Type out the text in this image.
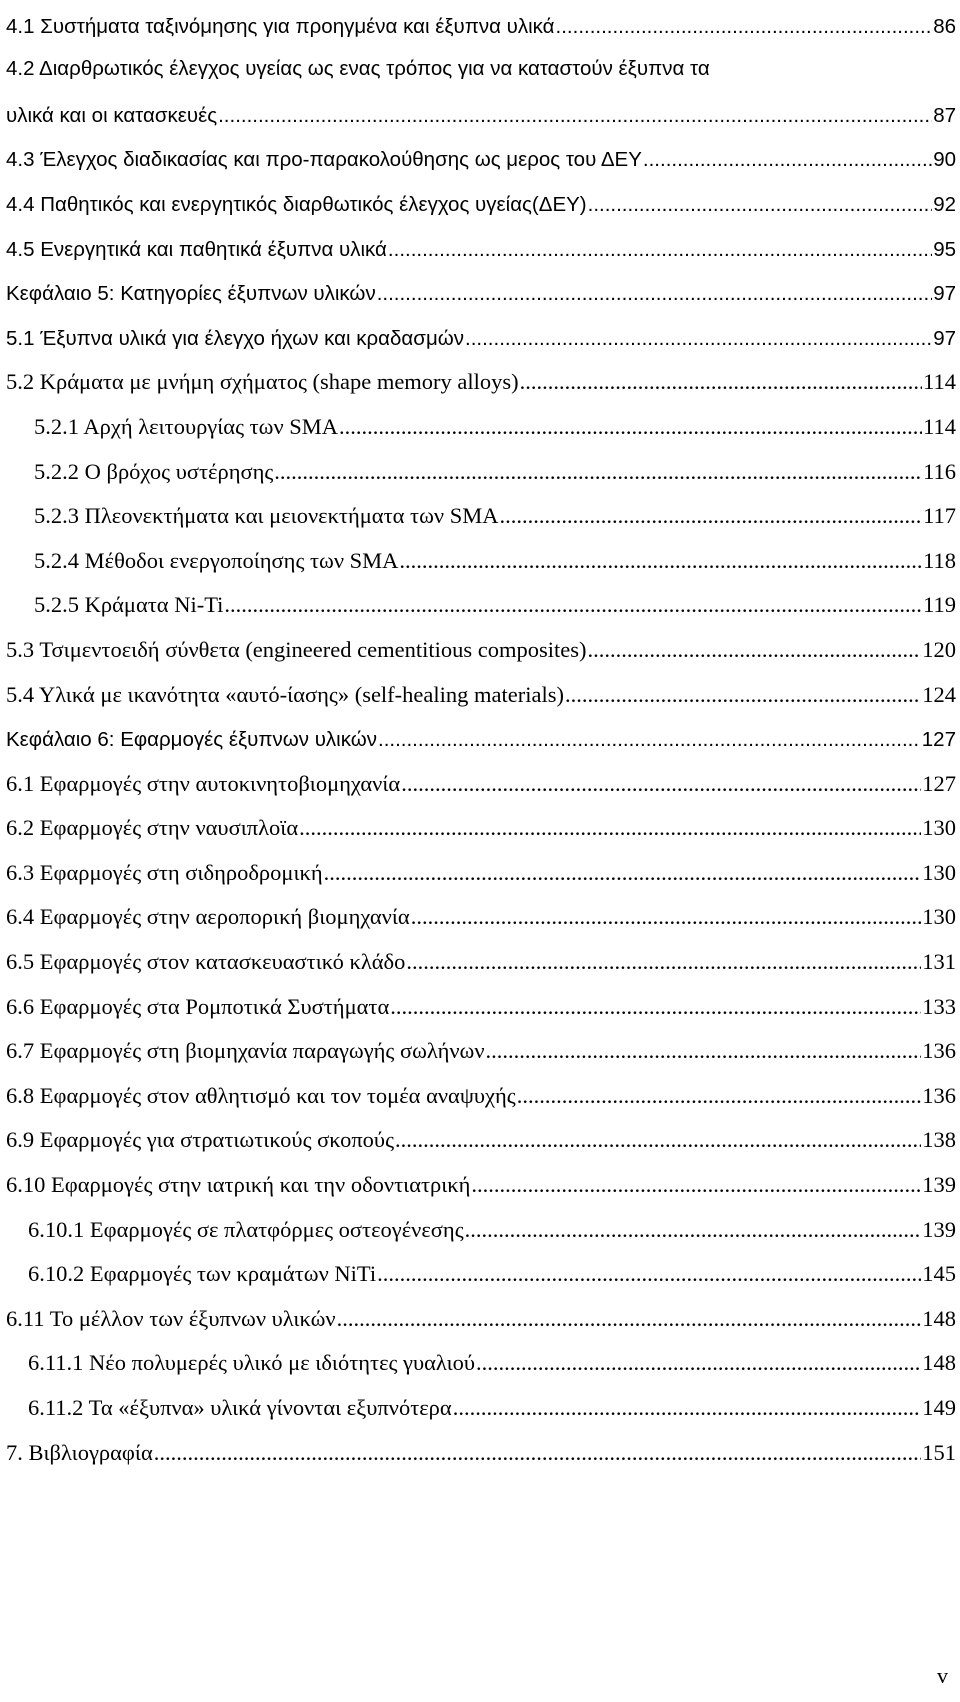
4.1 Συστήματα ταξινόμησης για προηγμένα και έξυπνα υλικά .....	86
4.2 Διαρθρωτικός έλεγχος υγείας ως ενας τρόπος για να καταστούν έξυπνα τα
υλικά και οι κατασκευές .....	87
4.3 Έλεγχος διαδικασίας και προ-παρακολούθησης ως μερος του ΔΕΥ .....	90
4.4 Παθητικός και ενεργητικός διαρθωτικός έλεγχος υγείας(ΔΕΥ) .....	92
4.5 Ενεργητικά και παθητικά έξυπνα υλικά .....	95
Κεφάλαιο 5: Κατηγορίες έξυπνων υλικών .....	97
5.1 Έξυπνα υλικά για έλεγχο ήχων και κραδασμών .....	97
5.2 Κράματα με μνήμη σχήματος (shape memory alloys) .....	114
5.2.1 Αρχή λειτουργίας των SMA .....	114
5.2.2 Ο βρόχος υστέρησης .....	116
5.2.3 Πλεονεκτήματα και μειονεκτήματα των SMA .....	117
5.2.4 Μέθοδοι ενεργοποίησης των SMA .....	118
5.2.5 Κράματα Ni-Ti .....	119
5.3 Τσιμεντοειδή σύνθετα (engineered cementitious composites) .....	120
5.4 Υλικά με ικανότητα «αυτό-ίασης» (self-healing materials) .....	124
Κεφάλαιο 6: Εφαρμογές έξυπνων υλικών .....	127
6.1 Εφαρμογές στην αυτοκινητοβιομηχανία .....	127
6.2 Εφαρμογές στην ναυσιπλοϊα .....	130
6.3 Εφαρμογές στη σιδηροδρομική .....	130
6.4 Εφαρμογές στην αεροπορική βιομηχανία .....	130
6.5 Εφαρμογές στον κατασκευαστικό κλάδο .....	131
6.6 Εφαρμογές στα Ρομποτικά Συστήματα .....	133
6.7 Εφαρμογές στη βιομηχανία παραγωγής σωλήνων .....	136
6.8 Εφαρμογές στον αθλητισμό και τον τομέα αναψυχής .....	136
6.9 Εφαρμογές για στρατιωτικούς σκοπούς .....	138
6.10 Εφαρμογές στην ιατρική και την οδοντιατρική .....	139
6.10.1 Εφαρμογές σε πλατφόρμες οστεογένεσης .....	139
6.10.2 Εφαρμογές των κραμάτων NiTi .....	145
6.11 Το μέλλον των έξυπνων υλικών .....	148
6.11.1 Νέο πολυμερές υλικό με ιδιότητες γυαλιού .....	148
6.11.2 Τα «έξυπνα» υλικά γίνονται εξυπνότερα .....	149
7. Βιβλιογραφία .....	151
v
